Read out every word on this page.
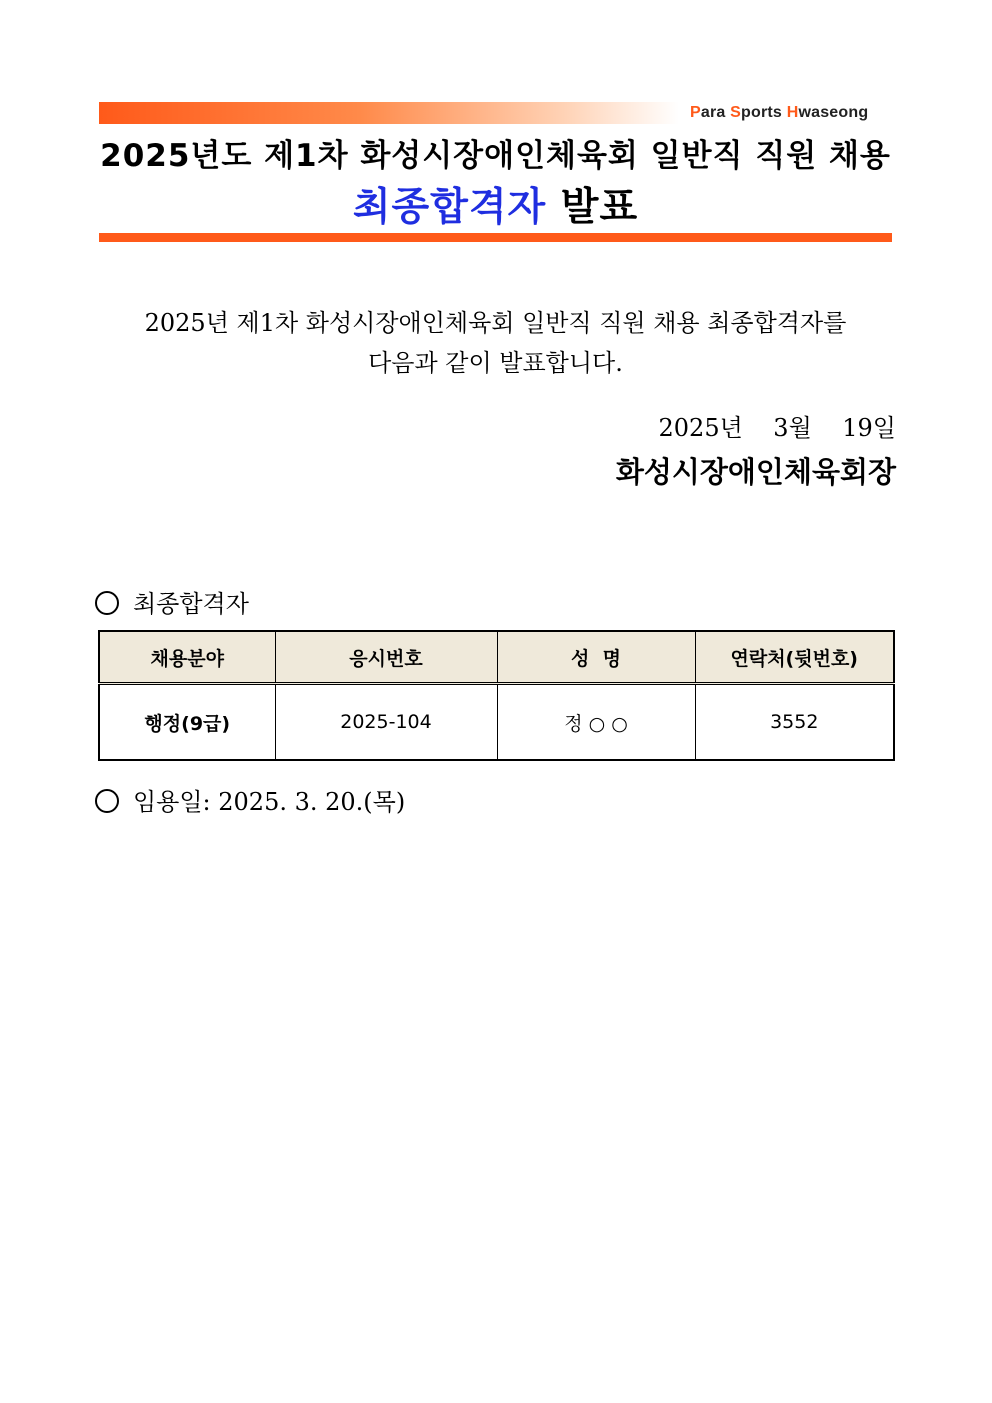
Para Sports Hwaseong
2025년도 제1차 화성시장애인체육회 일반직 직원 채용
최종합격자 발표
2025년 제1차 화성시장애인체육회 일반직 직원 채용 최종합격자를
다음과 같이 발표합니다.
2025년    3월    19일
화성시장애인체육회장
최종합격자
채용분야	응시번호	성  명	연락처(뒷번호)
행정(9급)	2025-104	정 ○ ○	3552
임용일: 2025. 3. 20.(목)
